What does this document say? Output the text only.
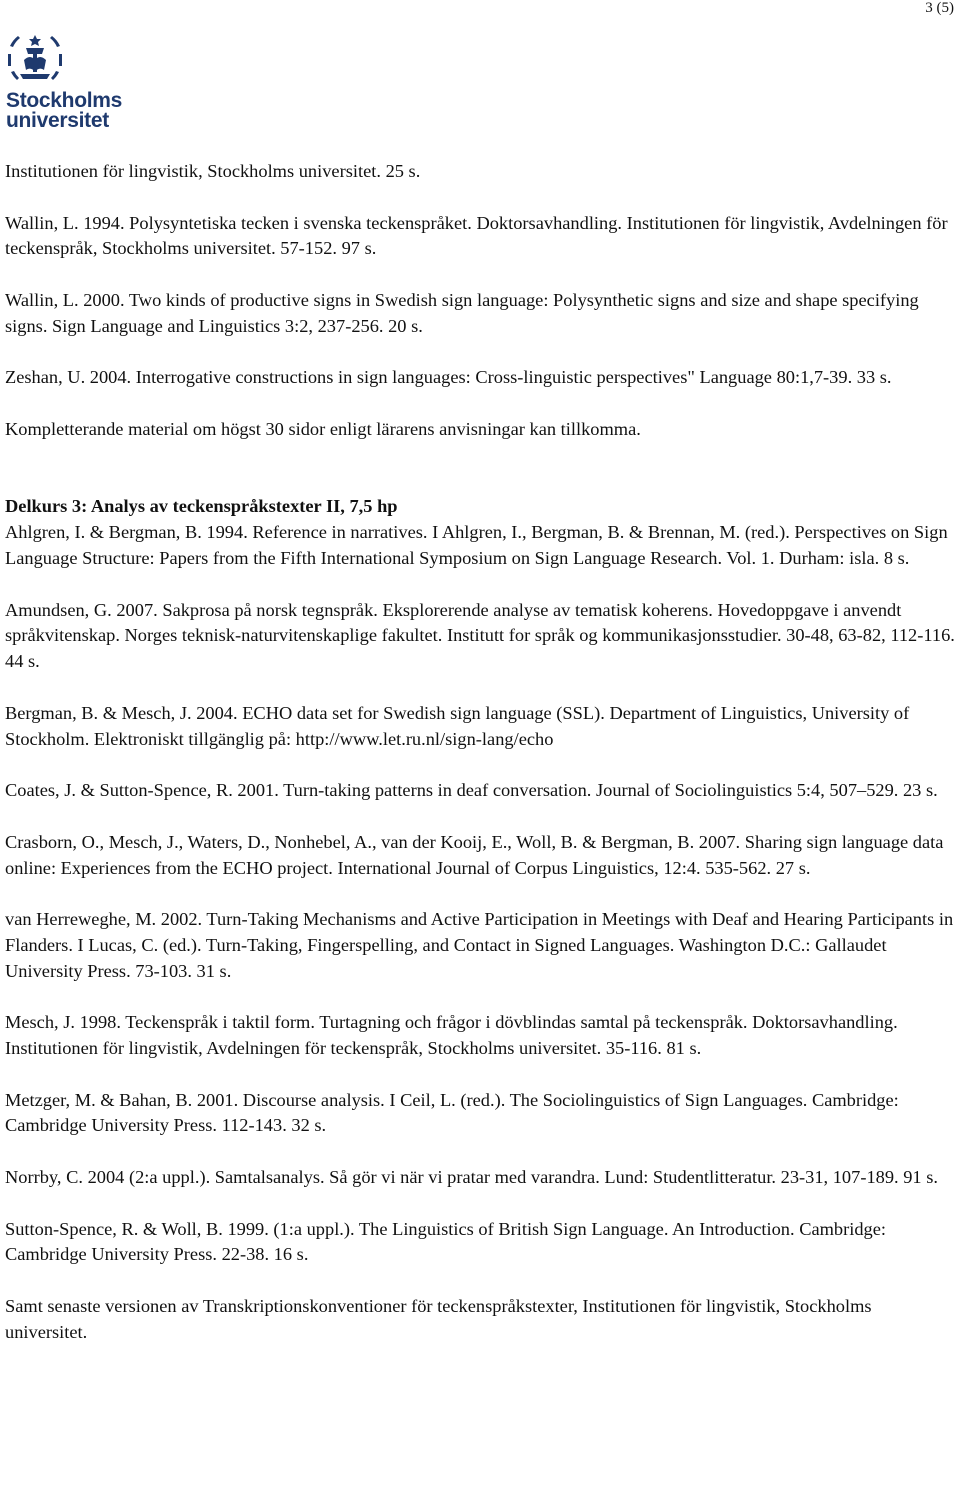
3 (5)
Stockholms
universitet

Institutionen för lingvistik, Stockholms universitet. 25 s.

Wallin, L. 1994. Polysyntetiska tecken i svenska teckenspråket. Doktorsavhandling. Institutionen för lingvistik, Avdelningen för teckenspråk, Stockholms universitet. 57-152. 97 s.

Wallin, L. 2000. Two kinds of productive signs in Swedish sign language: Polysynthetic signs and size and shape specifying signs. Sign Language and Linguistics 3:2, 237-256. 20 s.

Zeshan, U. 2004. Interrogative constructions in sign languages: Cross-linguistic perspectives" Language 80:1,7-39. 33 s.

Kompletterande material om högst 30 sidor enligt lärarens anvisningar kan tillkomma.

Delkurs 3: Analys av teckenspråkstexter II, 7,5 hp

Ahlgren, I. & Bergman, B. 1994. Reference in narratives. I Ahlgren, I., Bergman, B. & Brennan, M. (red.). Perspectives on Sign Language Structure: Papers from the Fifth International Symposium on Sign Language Research. Vol. 1. Durham: isla. 8 s.

Amundsen, G. 2007. Sakprosa på norsk tegnspråk. Eksplorerende analyse av tematisk koherens. Hovedoppgave i anvendt språkvitenskap. Norges teknisk-naturvitenskaplige fakultet. Institutt for språk og kommunikasjonsstudier. 30-48, 63-82, 112-116. 44 s.

Bergman, B. & Mesch, J. 2004. ECHO data set for Swedish sign language (SSL). Department of Linguistics, University of Stockholm. Elektroniskt tillgänglig på: http://www.let.ru.nl/sign-lang/echo

Coates, J. & Sutton-Spence, R. 2001. Turn-taking patterns in deaf conversation. Journal of Sociolinguistics 5:4, 507–529. 23 s.

Crasborn, O., Mesch, J., Waters, D., Nonhebel, A., van der Kooij, E., Woll, B. & Bergman, B. 2007. Sharing sign language data online: Experiences from the ECHO project. International Journal of Corpus Linguistics, 12:4. 535-562. 27 s.

van Herreweghe, M. 2002. Turn-Taking Mechanisms and Active Participation in Meetings with Deaf and Hearing Participants in Flanders. I Lucas, C. (ed.). Turn-Taking, Fingerspelling, and Contact in Signed Languages. Washington D.C.: Gallaudet University Press. 73-103. 31 s.

Mesch, J. 1998. Teckenspråk i taktil form. Turtagning och frågor i dövblindas samtal på teckenspråk. Doktorsavhandling. Institutionen för lingvistik, Avdelningen för teckenspråk, Stockholms universitet. 35-116. 81 s.

Metzger, M. & Bahan, B. 2001. Discourse analysis. I Ceil, L. (red.). The Sociolinguistics of Sign Languages. Cambridge: Cambridge University Press. 112-143. 32 s.

Norrby, C. 2004 (2:a uppl.). Samtalsanalys. Så gör vi när vi pratar med varandra. Lund: Studentlitteratur. 23-31, 107-189. 91 s.

Sutton-Spence, R. & Woll, B. 1999. (1:a uppl.). The Linguistics of British Sign Language. An Introduction. Cambridge: Cambridge University Press. 22-38. 16 s.

Samt senaste versionen av Transkriptionskonventioner för teckenspråkstexter, Institutionen för lingvistik, Stockholms universitet.
